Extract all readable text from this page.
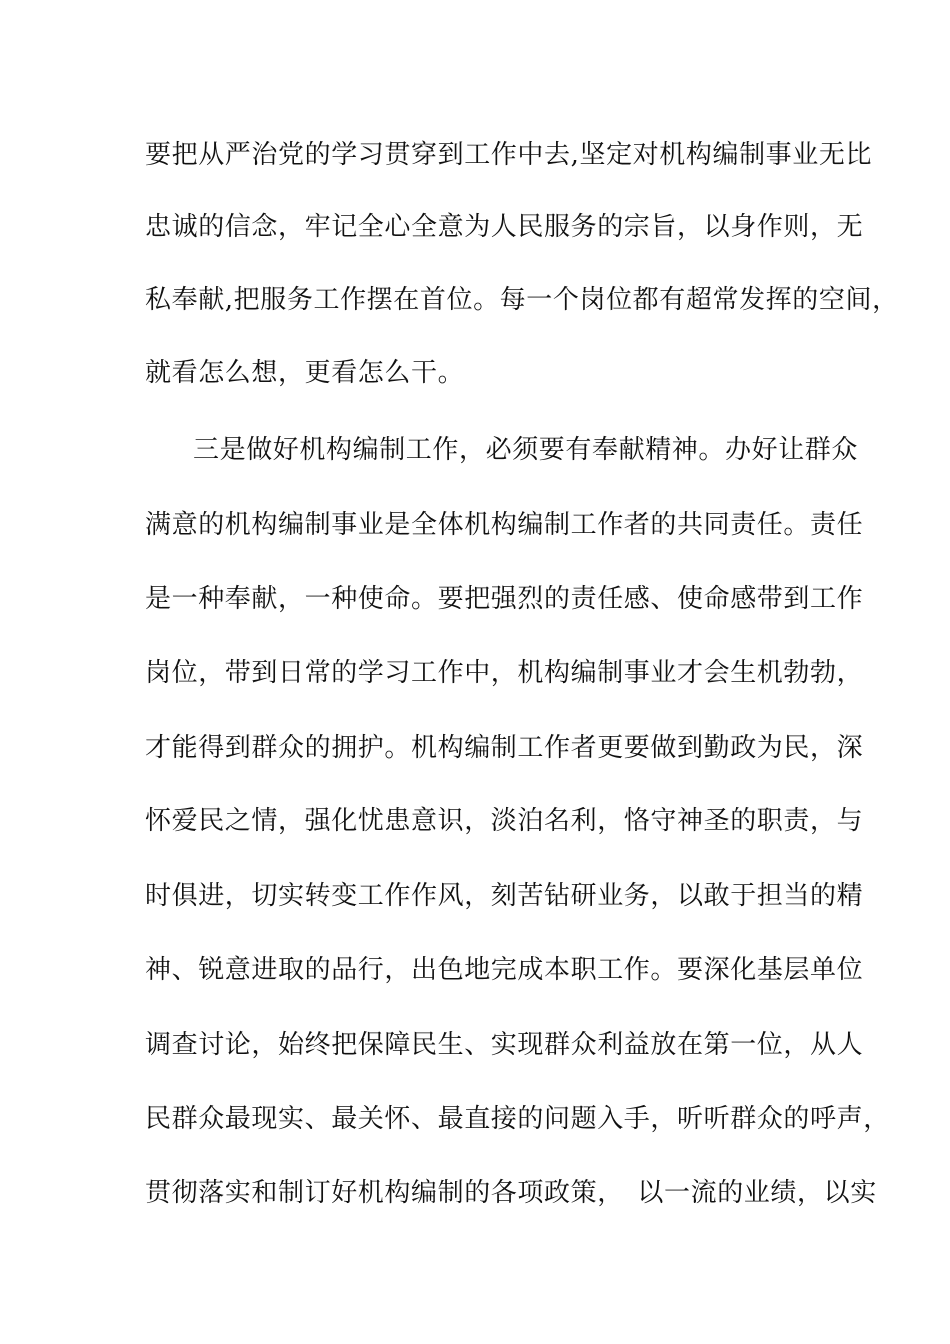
要把从严治党的学习贯穿到工作中去,坚定对机构编制事业无比
忠诚的信念，牢记全心全意为人民服务的宗旨，以身作则，无
私奉献,把服务工作摆在首位。每一个岗位都有超常发挥的空间，
就看怎么想，更看怎么干。
三是做好机构编制工作，必须要有奉献精神。办好让群众
满意的机构编制事业是全体机构编制工作者的共同责任。责任
是一种奉献，一种使命。要把强烈的责任感、使命感带到工作
岗位，带到日常的学习工作中，机构编制事业才会生机勃勃，
才能得到群众的拥护。机构编制工作者更要做到勤政为民，深
怀爱民之情，强化忧患意识，淡泊名利，恪守神圣的职责，与
时俱进，切实转变工作作风，刻苦钻研业务，以敢于担当的精
神、锐意进取的品行，出色地完成本职工作。要深化基层单位
调查讨论，始终把保障民生、实现群众利益放在第一位，从人
民群众最现实、最关怀、最直接的问题入手，听听群众的呼声，
贯彻落实和制订好机构编制的各项政策，　以一流的业绩，以实
